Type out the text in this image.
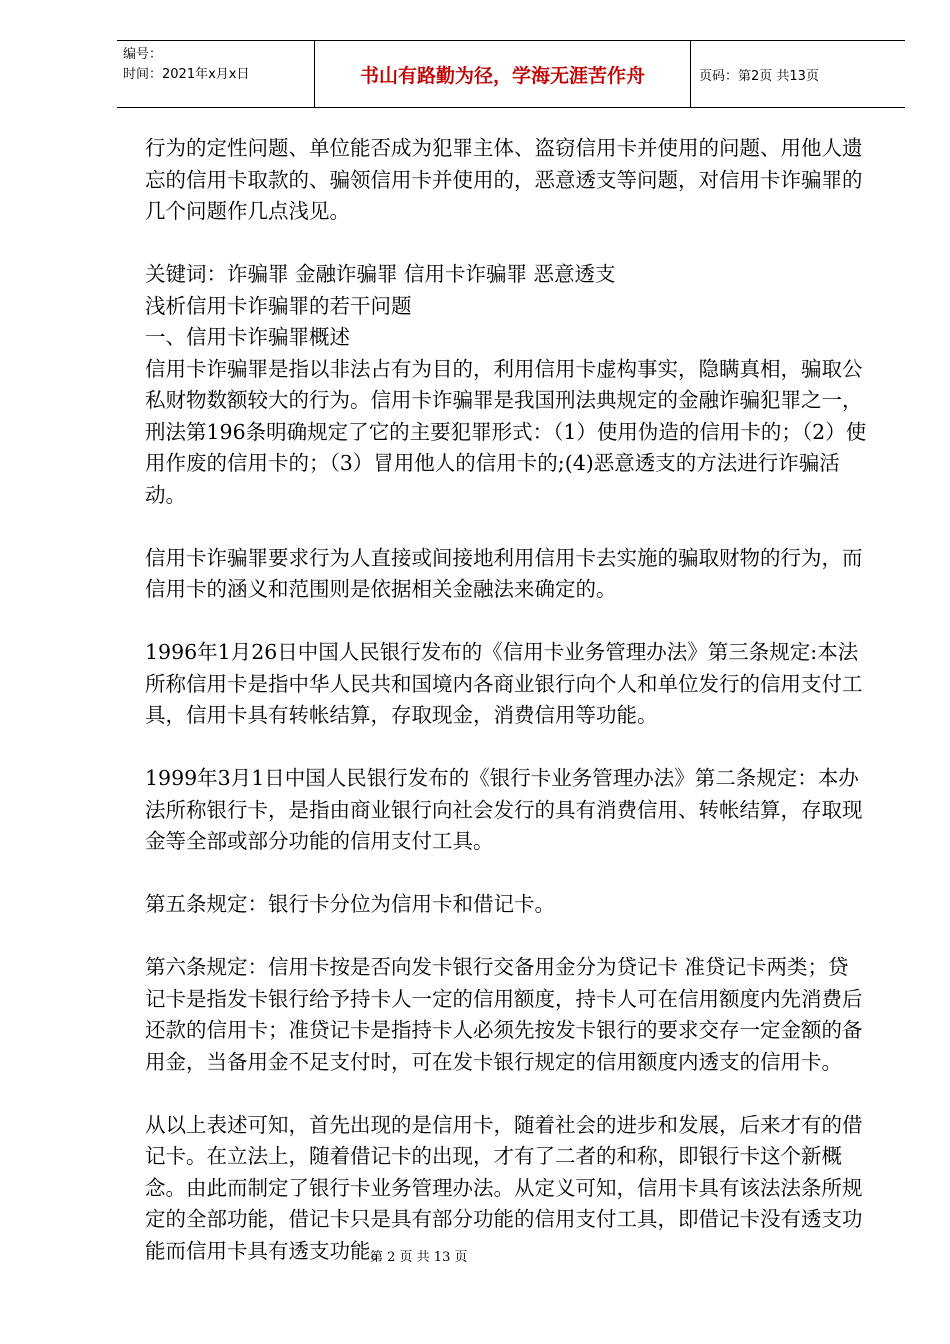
编号：
时间：2021年x月x日	书山有路勤为径，学海无涯苦作舟	页码：第2页 共13页

行为的定性问题、单位能否成为犯罪主体、盗窃信用卡并使用的问题、用他人遗忘的信用卡取款的、骗领信用卡并使用的，恶意透支等问题，对信用卡诈骗罪的几个问题作几点浅见。

关键词：诈骗罪 金融诈骗罪 信用卡诈骗罪 恶意透支

浅析信用卡诈骗罪的若干问题

一、信用卡诈骗罪概述

信用卡诈骗罪是指以非法占有为目的，利用信用卡虚构事实，隐瞒真相，骗取公私财物数额较大的行为。信用卡诈骗罪是我国刑法典规定的金融诈骗犯罪之一，刑法第196条明确规定了它的主要犯罪形式：（1）使用伪造的信用卡的；（2）使用作废的信用卡的；（3）冒用他人的信用卡的;(4)恶意透支的方法进行诈骗活动。

信用卡诈骗罪要求行为人直接或间接地利用信用卡去实施的骗取财物的行为，而信用卡的涵义和范围则是依据相关金融法来确定的。

1996年1月26日中国人民银行发布的《信用卡业务管理办法》第三条规定:本法所称信用卡是指中华人民共和国境内各商业银行向个人和单位发行的信用支付工具，信用卡具有转帐结算，存取现金，消费信用等功能。

1999年3月1日中国人民银行发布的《银行卡业务管理办法》第二条规定：本办法所称银行卡，是指由商业银行向社会发行的具有消费信用、转帐结算，存取现金等全部或部分功能的信用支付工具。

第五条规定：银行卡分位为信用卡和借记卡。

第六条规定：信用卡按是否向发卡银行交备用金分为贷记卡 准贷记卡两类；贷记卡是指发卡银行给予持卡人一定的信用额度，持卡人可在信用额度内先消费后还款的信用卡；准贷记卡是指持卡人必须先按发卡银行的要求交存一定金额的备用金，当备用金不足支付时，可在发卡银行规定的信用额度内透支的信用卡。

从以上表述可知，首先出现的是信用卡，随着社会的进步和发展，后来才有的借记卡。在立法上，随着借记卡的出现，才有了二者的和称，即银行卡这个新概念。由此而制定了银行卡业务管理办法。从定义可知，信用卡具有该法法条所规定的全部功能，借记卡只是具有部分功能的信用支付工具，即借记卡没有透支功能而信用卡具有透支功能。

第 2 页 共 13 页
